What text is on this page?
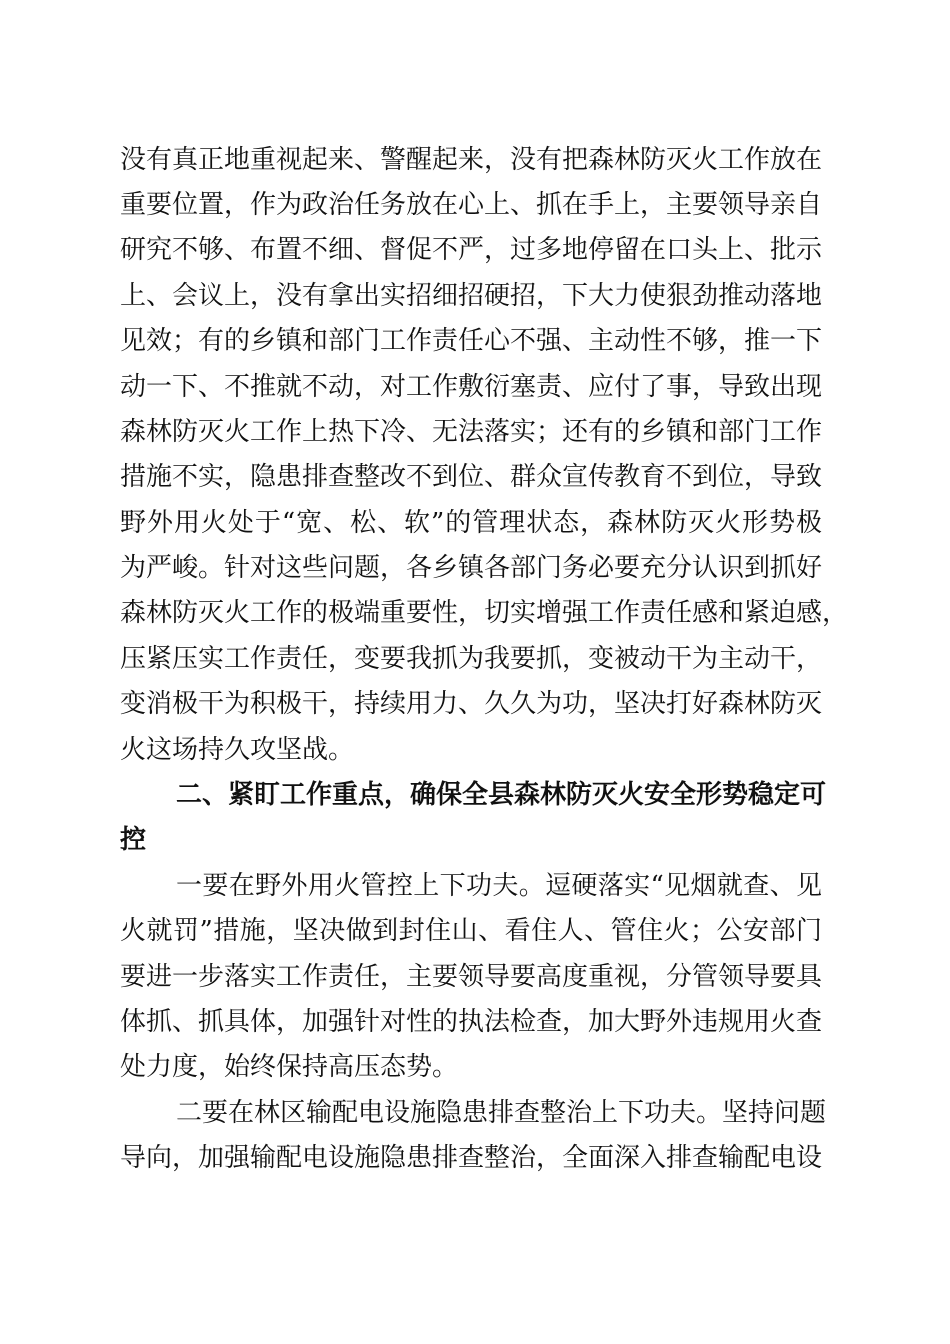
没有真正地重视起来、警醒起来，没有把森林防灭火工作放在
重要位置，作为政治任务放在心上、抓在手上，主要领导亲自
研究不够、布置不细、督促不严，过多地停留在口头上、批示
上、会议上，没有拿出实招细招硬招，下大力使狠劲推动落地
见效；有的乡镇和部门工作责任心不强、主动性不够，推一下
动一下、不推就不动，对工作敷衍塞责、应付了事，导致出现
森林防灭火工作上热下冷、无法落实；还有的乡镇和部门工作
措施不实，隐患排查整改不到位、群众宣传教育不到位，导致
野外用火处于“宽、松、软”的管理状态，森林防灭火形势极
为严峻。针对这些问题，各乡镇各部门务必要充分认识到抓好
森林防灭火工作的极端重要性，切实增强工作责任感和紧迫感，
压紧压实工作责任，变要我抓为我要抓，变被动干为主动干，
变消极干为积极干，持续用力、久久为功，坚决打好森林防灭
火这场持久攻坚战。
二、紧盯工作重点，确保全县森林防灭火安全形势稳定可
控
一要在野外用火管控上下功夫。逗硬落实“见烟就查、见
火就罚”措施，坚决做到封住山、看住人、管住火；公安部门
要进一步落实工作责任，主要领导要高度重视，分管领导要具
体抓、抓具体，加强针对性的执法检查，加大野外违规用火查
处力度，始终保持高压态势。
二要在林区输配电设施隐患排查整治上下功夫。坚持问题
导向，加强输配电设施隐患排查整治，全面深入排查输配电设
